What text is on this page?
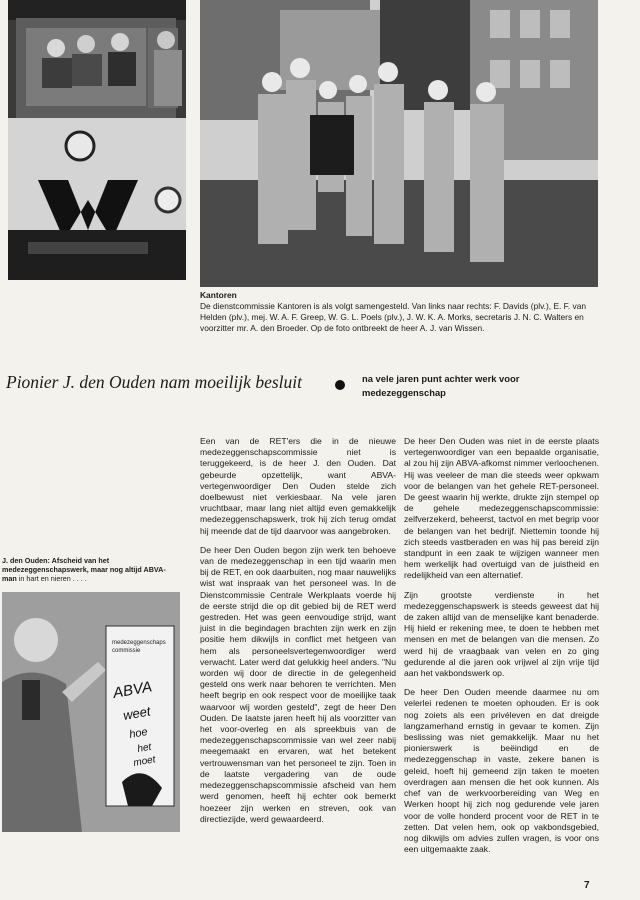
Kantoren
De dienstcommissie Kantoren is als volgt samengesteld. Van links naar rechts: F. Davids (plv.), E. F. van Helden (plv.), mej. W. A. F. Greep, W. G. L. Poels (plv.), J. W. K. A. Morks, secretaris J. N. C. Walters en voorzitter mr. A. den Broeder. Op de foto ontbreekt de heer A. J. van Wissen.
Pionier J. den Ouden nam moeilijk besluit	na vele jaren punt achter werk voor medezeggenschap
J. den Ouden: Afscheid van het medezeggenschapswerk, maar nog altijd ABVA-man in hart en nieren . . . .
medezeggenschaps
commissie
ABVA
weet
hoe
het
moet

Een van de RET'ers die in de nieuwe medezeggenschapscommissie niet is teruggekeerd, is de heer J. den Ouden. Dat gebeurde opzettelijk, want ABVA-vertegenwoordiger Den Ouden stelde zich doelbewust niet verkiesbaar. Na vele jaren vruchtbaar, maar lang niet altijd even gemakkelijk medezeggenschapswerk, trok hij zich terug omdat hij meende dat de tijd daarvoor was aangebroken.

De heer Den Ouden begon zijn werk ten behoeve van de medezeggenschap in een tijd waarin men bij de RET, en ook daarbuiten, nog maar nauwelijks wist wat inspraak van het personeel was. In de Dienstcommissie Centrale Werkplaats voerde hij de eerste strijd die op dit gebied bij de RET werd gestreden. Het was geen eenvoudige strijd, want juist in die begindagen brachten zijn werk en zijn positie hem dikwijls in conflict met hetgeen van hem als personeelsvertegenwoordiger werd verwacht. Later werd dat gelukkig heel anders. "Nu worden wij door de directie in de gelegenheid gesteld ons werk naar behoren te verrichten. Men heeft begrip en ook respect voor de moeilijke taak waarvoor wij worden gesteld", zegt de heer Den Ouden. De laatste jaren heeft hij als voorzitter van het voor-overleg en als spreekbuis van de medezeggenschapscommissie van wel zeer nabij meegemaakt en ervaren, wat het betekent vertrouwensman van het personeel te zijn. Toen in de laatste vergadering van de oude medezeggenschapscommissie afscheid van hem werd genomen, heeft hij echter ook bemerkt hoezeer zijn werken en streven, ook van directiezijde, werd gewaardeerd.

De heer Den Ouden was niet in de eerste plaats vertegenwoordiger van een bepaalde organisatie, al zou hij zijn ABVA-afkomst nimmer verloochenen. Hij was veeleer de man die steeds weer opkwam voor de belangen van het gehele RET-personeel. De geest waarin hij werkte, drukte zijn stempel op de gehele medezeggenschapscommissie: zelfverzekerd, beheerst, tactvol en met begrip voor de belangen van het bedrijf. Niettemin toonde hij zich steeds vastberaden en was hij pas bereid zijn standpunt in een zaak te wijzigen wanneer men hem werkelijk had overtuigd van de juistheid en redelijkheid van een alternatief.

Zijn grootste verdienste in het medezeggenschapswerk is steeds geweest dat hij de zaken altijd van de menselijke kant benaderde. Hij hield er rekening mee, te doen te hebben met mensen en met de belangen van die mensen. Zo werd hij de vraagbaak van velen en zo ging gedurende al die jaren ook vrijwel al zijn vrije tijd aan het vakbondswerk op.

De heer Den Ouden meende daarmee nu om velerlei redenen te moeten ophouden. Er is ook nog zoiets als een privéleven en dat dreigde langzamerhand ernstig in gevaar te komen. Zijn beslissing was niet gemakkelijk. Maar nu het pionierswerk is beëindigd en de medezeggenschap in vaste, zekere banen is geleid, hoeft hij gemeend zijn taken te moeten overdragen aan mensen die het ook kunnen. Als chef van de werkvoorbereiding van Weg en Werken hoopt hij zich nog gedurende vele jaren voor de volle honderd procent voor de RET in te zetten. Dat velen hem, ook op vakbondsgebied, nog dikwijls om advies zullen vragen, is voor ons een uitgemaakte zaak.

7
